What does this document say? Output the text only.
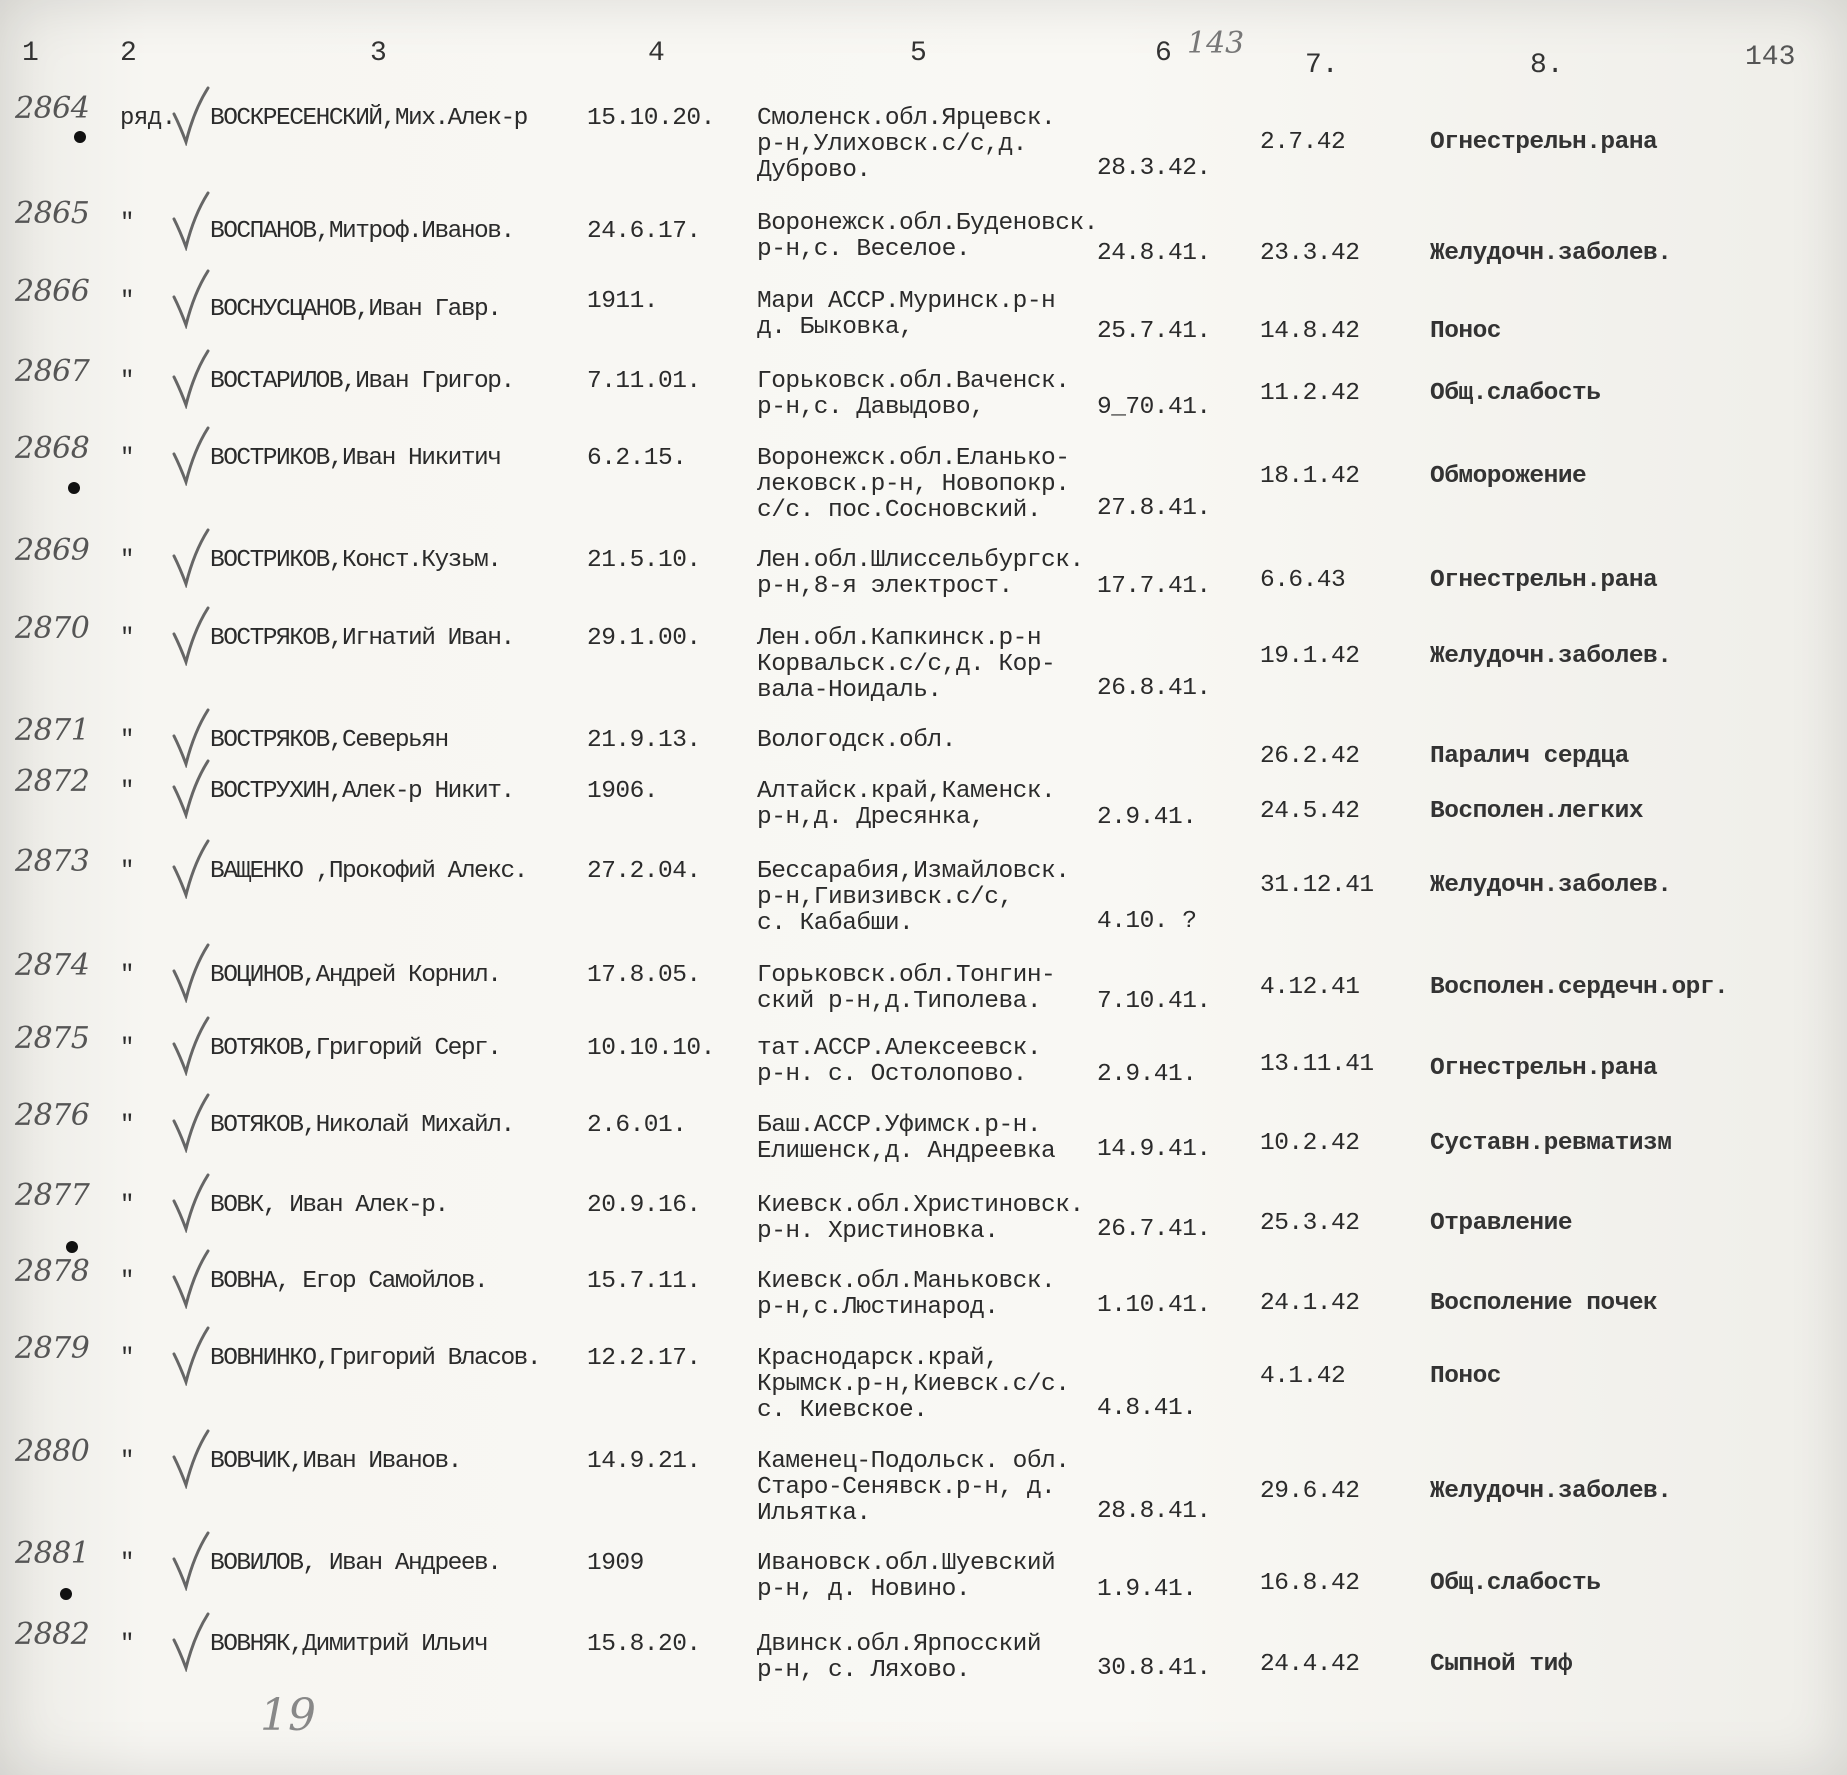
1	2	3	4	5	6 143
7.	8.	143
2864 ряд. ВОСКРЕСЕНСКИЙ,Мих.Алек-р 15.10.20. Смоленск.обл.Ярцевск.
р-н,Улиховск.с/с,д.
Дуброво.	28.3.42.
2.7.42	Огнестрельн.рана
2865 "	ВОСПАНОВ,Митроф.Иванов.	24.6.17. Воронежск.обл.Буденовск.
р-н,с. Веселое.	24.8.41. 23.3.42	Желудочн.заболев.
2866 "	ВОСНУСЦАНОВ,Иван Гавр.	1911.	Мари АССР.Муринск.р-н
д. Быковка,	25.7.41. 14.8.42	Понос
2867 "	ВОСТАРИЛОВ,Иван Григор.	7.11.01. Горьковск.обл.Ваченск.
р-н,с. Давыдово,	9_70.41.
11.2.42	Общ.слабость
2868 "	ВОСТРИКОВ,Иван Никитич	6.2.15.	Воронежск.обл.Еланько-
лековск.р-н, Новопокр.
с/с. пос.Сосновский.	27.8.41.
18.1.42	Обморожение
2869 "	ВОСТРИКОВ,Конст.Кузьм.	21.5.10. Лен.обл.Шлиссельбургск.
р-н,8-я электрост.	17.7.41. 6.6.43	Огнестрельн.рана
2870 "	ВОСТРЯКОВ,Игнатий Иван.	29.1.00. Лен.обл.Капкинск.р-н
Корвальск.с/с,д. Кор-
вала-Ноидаль.	26.8.41.
19.1.42	Желудочн.заболев.
2871 "	ВОСТРЯКОВ,Северьян	21.9.13. Вологодск.обл.
26.2.42	Паралич сердца
2872 "	ВОСТРУХИН,Алек-р Никит.	1906.	Алтайск.край,Каменск.
р-н,д. Дресянка,	2.9.41.	24.5.42	Восполен.легких
2873 "	ВАЩЕНКО ,Прокофий Алекс. 27.2.04. Бессарабия,Измайловск.
р-н,Гивизивск.с/с,
с. Кабабши.	4.10. ?
31.12.41 Желудочн.заболев.
2874 "	ВОЦИНОВ,Андрей Корнил.	17.8.05. Горьковск.обл.Тонгин-
ский р-н,д.Типолева.	7.10.41.
4.12.41	Восполен.сердечн.орг.
2875 "	ВОТЯКОВ,Григорий Серг.	10.10.10. тат.АССР.Алексеевск.
р-н. с. Остолопово.	2.9.41.	13.11.41 Огнестрельн.рана
2876 "	ВОТЯКОВ,Николай Михайл.	2.6.01.	Баш.АССР.Уфимск.р-н.
Елишенск,д. Андреевка 14.9.41. 10.2.42	Суставн.ревматизм
2877 "	ВОВК, Иван Алек-р.	20.9.16. Киевск.обл.Христиновск.
р-н. Христиновка.	26.7.41. 25.3.42	Отравление
2878 "	ВОВНА, Егор Самойлов.	15.7.11. Киевск.обл.Маньковск.
р-н,с.Люстинарод.	1.10.41. 24.1.42	Восполение почек
2879 "	ВОВНИНКО,Григорий Власов. 12.2.17. Краснодарск.край,
Крымск.р-н,Киевск.с/с.
с. Киевское.	4.8.41.
4.1.42	Понос
2880 "	ВОВЧИК,Иван Иванов.	14.9.21. Каменец-Подольск. обл.
Старо-Сенявск.р-н, д.
Ильятка.	28.8.41.
29.6.42	Желудочн.заболев.
2881 "	ВОВИЛОВ, Иван Андреев.	1909	Ивановск.обл.Шуевский
р-н, д. Новино.	1.9.41.	16.8.42	Общ.слабость
2882 "	ВОВНЯК,Димитрий Ильич	15.8.20. Двинск.обл.Ярпосский
р-н, с. Ляхово.	30.8.41. 24.4.42	Сыпной тиф
19
